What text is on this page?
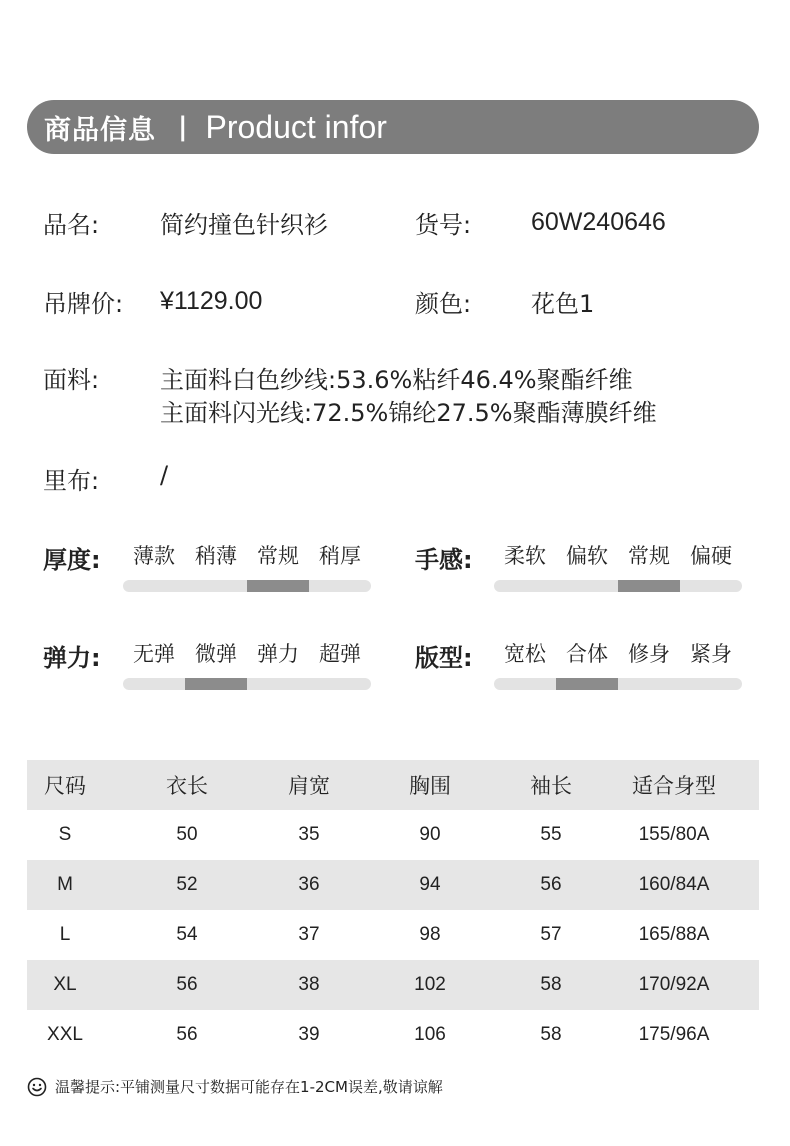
商品信息 | Product infor
品名:	简约撞色针织衫	货号: 60W240646
吊牌价: ¥1129.00	颜色: 花色1
面料:	主面料白色纱线:53.6%粘纤46.4%聚酯纤维
主面料闪光线:72.5%锦纶27.5%聚酯薄膜纤维
里布:	/
厚度:	薄款 稍薄 常规 稍厚	手感:	柔软 偏软 常规 偏硬
弹力:	无弹 微弹 弹力 超弹	版型:	宽松 合体 修身 紧身
尺码	衣长	肩宽	胸围	袖长	适合身型
S	50	35	90	55	155/80A
M	52	36	94	56	160/84A
L	54	37	98	57	165/88A
XL	56	38	102	58	170/92A
XXL	56	39	106	58	175/96A
温馨提示:平铺测量尺寸数据可能存在1-2CM误差,敬请谅解
